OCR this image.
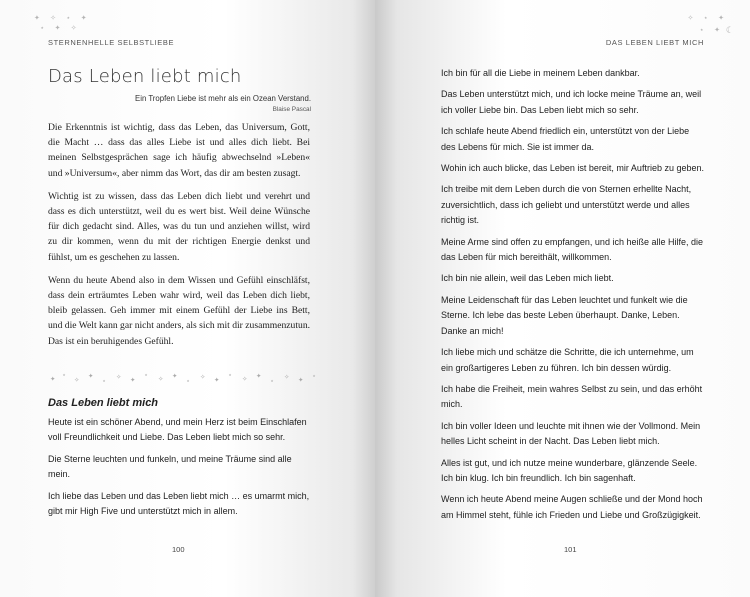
✦ ✧ ⋆ ✦
⋆ ✦ ✧
STERNENHELLE SELBSTLIEBE
Das Leben liebt mich
Ein Tropfen Liebe ist mehr als ein Ozean Verstand.
Blaise Pascal

Die Erkenntnis ist wichtig, dass das Leben, das Universum, Gott, die Macht … dass das alles Liebe ist und alles dich liebt. Bei meinen Selbstgesprächen sage ich häufig abwechselnd »Leben« und »Universum«, aber nimm das Wort, das dir am besten zusagt.

Wichtig ist zu wissen, dass das Leben dich liebt und verehrt und dass es dich unterstützt, weil du es wert bist. Weil deine Wünsche für dich gedacht sind. Alles, was du tun und anziehen willst, wird zu dir kommen, wenn du mit der richtigen Energie denkst und fühlst, um es geschehen zu lassen.

Wenn du heute Abend also in dem Wissen und Gefühl einschläfst, dass dein erträumtes Leben wahr wird, weil das Leben dich liebt, bleib gelassen. Geh immer mit einem Gefühl der Liebe ins Bett, und die Welt kann gar nicht anders, als sich mit dir zusammenzutun. Das ist ein beruhigendes Gefühl.

✦ ⋆
✧ ✦
⋆ ✧ ✦
⋆ ✧ ✦
⋆ ✧ ✦
⋆ ✧ ✦
⋆ ✧ ✦ ⋆
Das Leben liebt mich

Heute ist ein schöner Abend, und mein Herz ist beim Einschlafen voll Freundlichkeit und Liebe. Das Leben liebt mich so sehr.

Die Sterne leuchten und funkeln, und meine Träume sind alle mein.

Ich liebe das Leben und das Leben liebt mich … es umarmt mich, gibt mir High Five und unterstützt mich in allem.

100
✧ ⋆ ✦
☾
⋆ ✦
DAS LEBEN LIEBT MICH

Ich bin für all die Liebe in meinem Leben dankbar.

Das Leben unterstützt mich, und ich locke meine Träume an, weil ich voller Liebe bin. Das Leben liebt mich so sehr.

Ich schlafe heute Abend friedlich ein, unterstützt von der Liebe des Lebens für mich. Sie ist immer da.

Wohin ich auch blicke, das Leben ist bereit, mir Auftrieb zu geben.

Ich treibe mit dem Leben durch die von Sternen erhellte Nacht, zuversichtlich, dass ich geliebt und unterstützt werde und alles richtig ist.

Meine Arme sind offen zu empfangen, und ich heiße alle Hilfe, die das Leben für mich bereithält, willkommen.

Ich bin nie allein, weil das Leben mich liebt.

Meine Leidenschaft für das Leben leuchtet und funkelt wie die Sterne. Ich lebe das beste Leben überhaupt. Danke, Leben. Danke an mich!

Ich liebe mich und schätze die Schritte, die ich unternehme, um ein großartigeres Leben zu führen. Ich bin dessen würdig.

Ich habe die Freiheit, mein wahres Selbst zu sein, und das erhöht mich.

Ich bin voller Ideen und leuchte mit ihnen wie der Vollmond. Mein helles Licht scheint in der Nacht. Das Leben liebt mich.

Alles ist gut, und ich nutze meine wunderbare, glänzende Seele. Ich bin klug. Ich bin freundlich. Ich bin sagenhaft.

Wenn ich heute Abend meine Augen schließe und der Mond hoch am Himmel steht, fühle ich Frieden und Liebe und Großzügigkeit.

101
